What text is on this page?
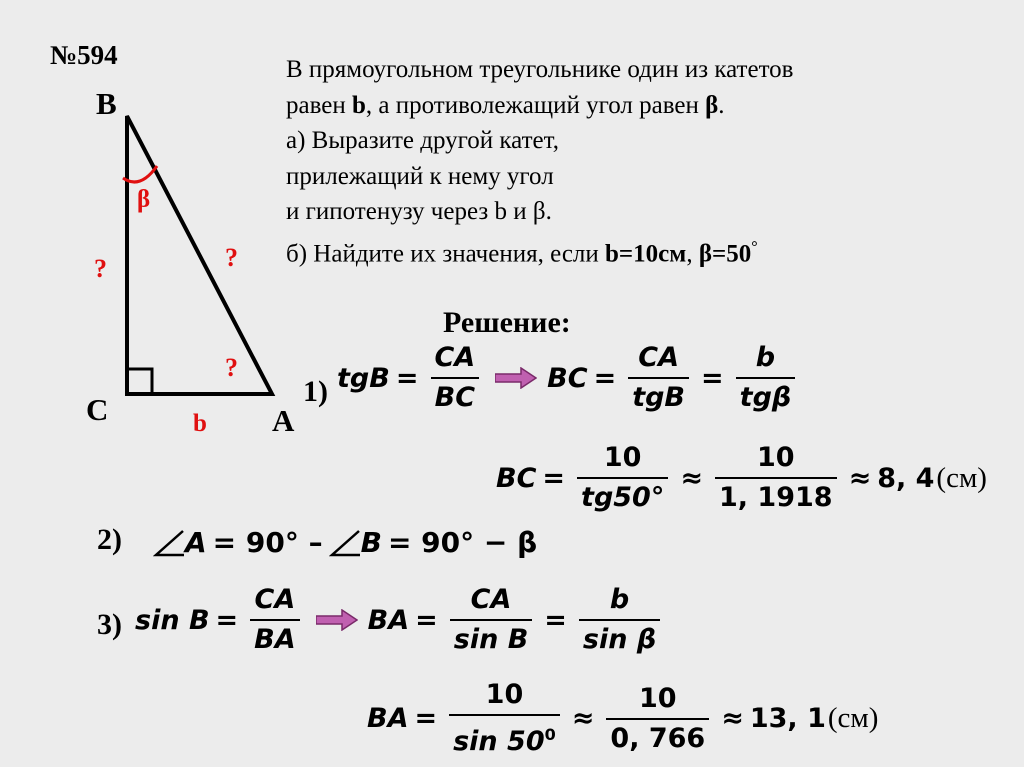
№594	В прямоугольном треугольнике один из катетов

равен b, а противолежащий угол равен β.

а) Выразите другой катет,

прилежащий к нему угол

и гипотенузу через b и β.

б) Найдите их значения, если b=10см, β=50°

B
C	A
β
?	?
?
b
Решение:
1) tgB = $\frac{CA}{BC}$	BC = $\frac{CA}{\text{tgB}} = \frac{b}{\text{tgβ}}$
BC = $\frac{10}{tg50^\circ} \approx \frac{10}{1, 1918} \approx 8$, 4 (см)
2) A = 90° – B = 90° − β
3) $\sin B = \frac{CA}{BA}$	BA = $\frac{CA}{\text{sin B}} = \frac{b}{\text{sin β}}$
BA = $\frac{10}{\sin 50^0} \approx \frac{10}{0, 766} \approx 13$, 1 (см)
